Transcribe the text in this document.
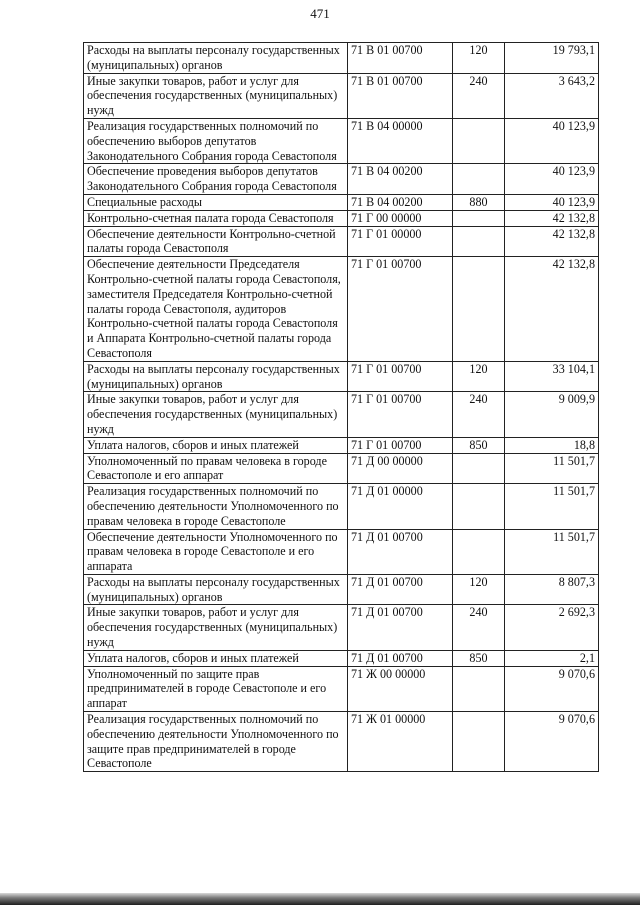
471
Расходы на выплаты персоналу государственных (муниципальных) органов	71 В 01 00700	120	19 793,1
Иные закупки товаров, работ и услуг для обеспечения государственных (муниципальных) нужд	71 В 01 00700	240	3 643,2
Реализация государственных полномочий по обеспечению выборов депутатов Законодательного Собрания города Севастополя	71 В 04 00000		40 123,9
Обеспечение проведения выборов депутатов Законодательного Собрания города Севастополя	71 В 04 00200		40 123,9
Специальные расходы	71 В 04 00200	880	40 123,9
Контрольно-счетная палата города Севастополя	71 Г 00 00000		42 132,8
Обеспечение деятельности Контрольно-счетной палаты города Севастополя	71 Г 01 00000		42 132,8
Обеспечение деятельности Председателя Контрольно-счетной палаты города Севастополя, заместителя Председателя Контрольно-счетной палаты города Севастополя, аудиторов Контрольно-счетной палаты города Севастополя и Аппарата Контрольно-счетной палаты города Севастополя	71 Г 01 00700		42 132,8
Расходы на выплаты персоналу государственных (муниципальных) органов	71 Г 01 00700	120	33 104,1
Иные закупки товаров, работ и услуг для обеспечения государственных (муниципальных) нужд	71 Г 01 00700	240	9 009,9
Уплата налогов, сборов и иных платежей	71 Г 01 00700	850	18,8
Уполномоченный по правам человека в городе Севастополе и его аппарат	71 Д 00 00000		11 501,7
Реализация государственных полномочий по обеспечению деятельности Уполномоченного по правам человека в городе Севастополе	71 Д 01 00000		11 501,7
Обеспечение деятельности Уполномоченного по правам человека в городе Севастополе и его аппарата	71 Д 01 00700		11 501,7
Расходы на выплаты персоналу государственных (муниципальных) органов	71 Д 01 00700	120	8 807,3
Иные закупки товаров, работ и услуг для обеспечения государственных (муниципальных) нужд	71 Д 01 00700	240	2 692,3
Уплата налогов, сборов и иных платежей	71 Д 01 00700	850	2,1
Уполномоченный по защите прав предпринимателей в городе Севастополе и его аппарат	71 Ж 00 00000		9 070,6
Реализация государственных полномочий по обеспечению деятельности Уполномоченного по защите прав предпринимателей в городе Севастополе	71 Ж 01 00000		9 070,6
